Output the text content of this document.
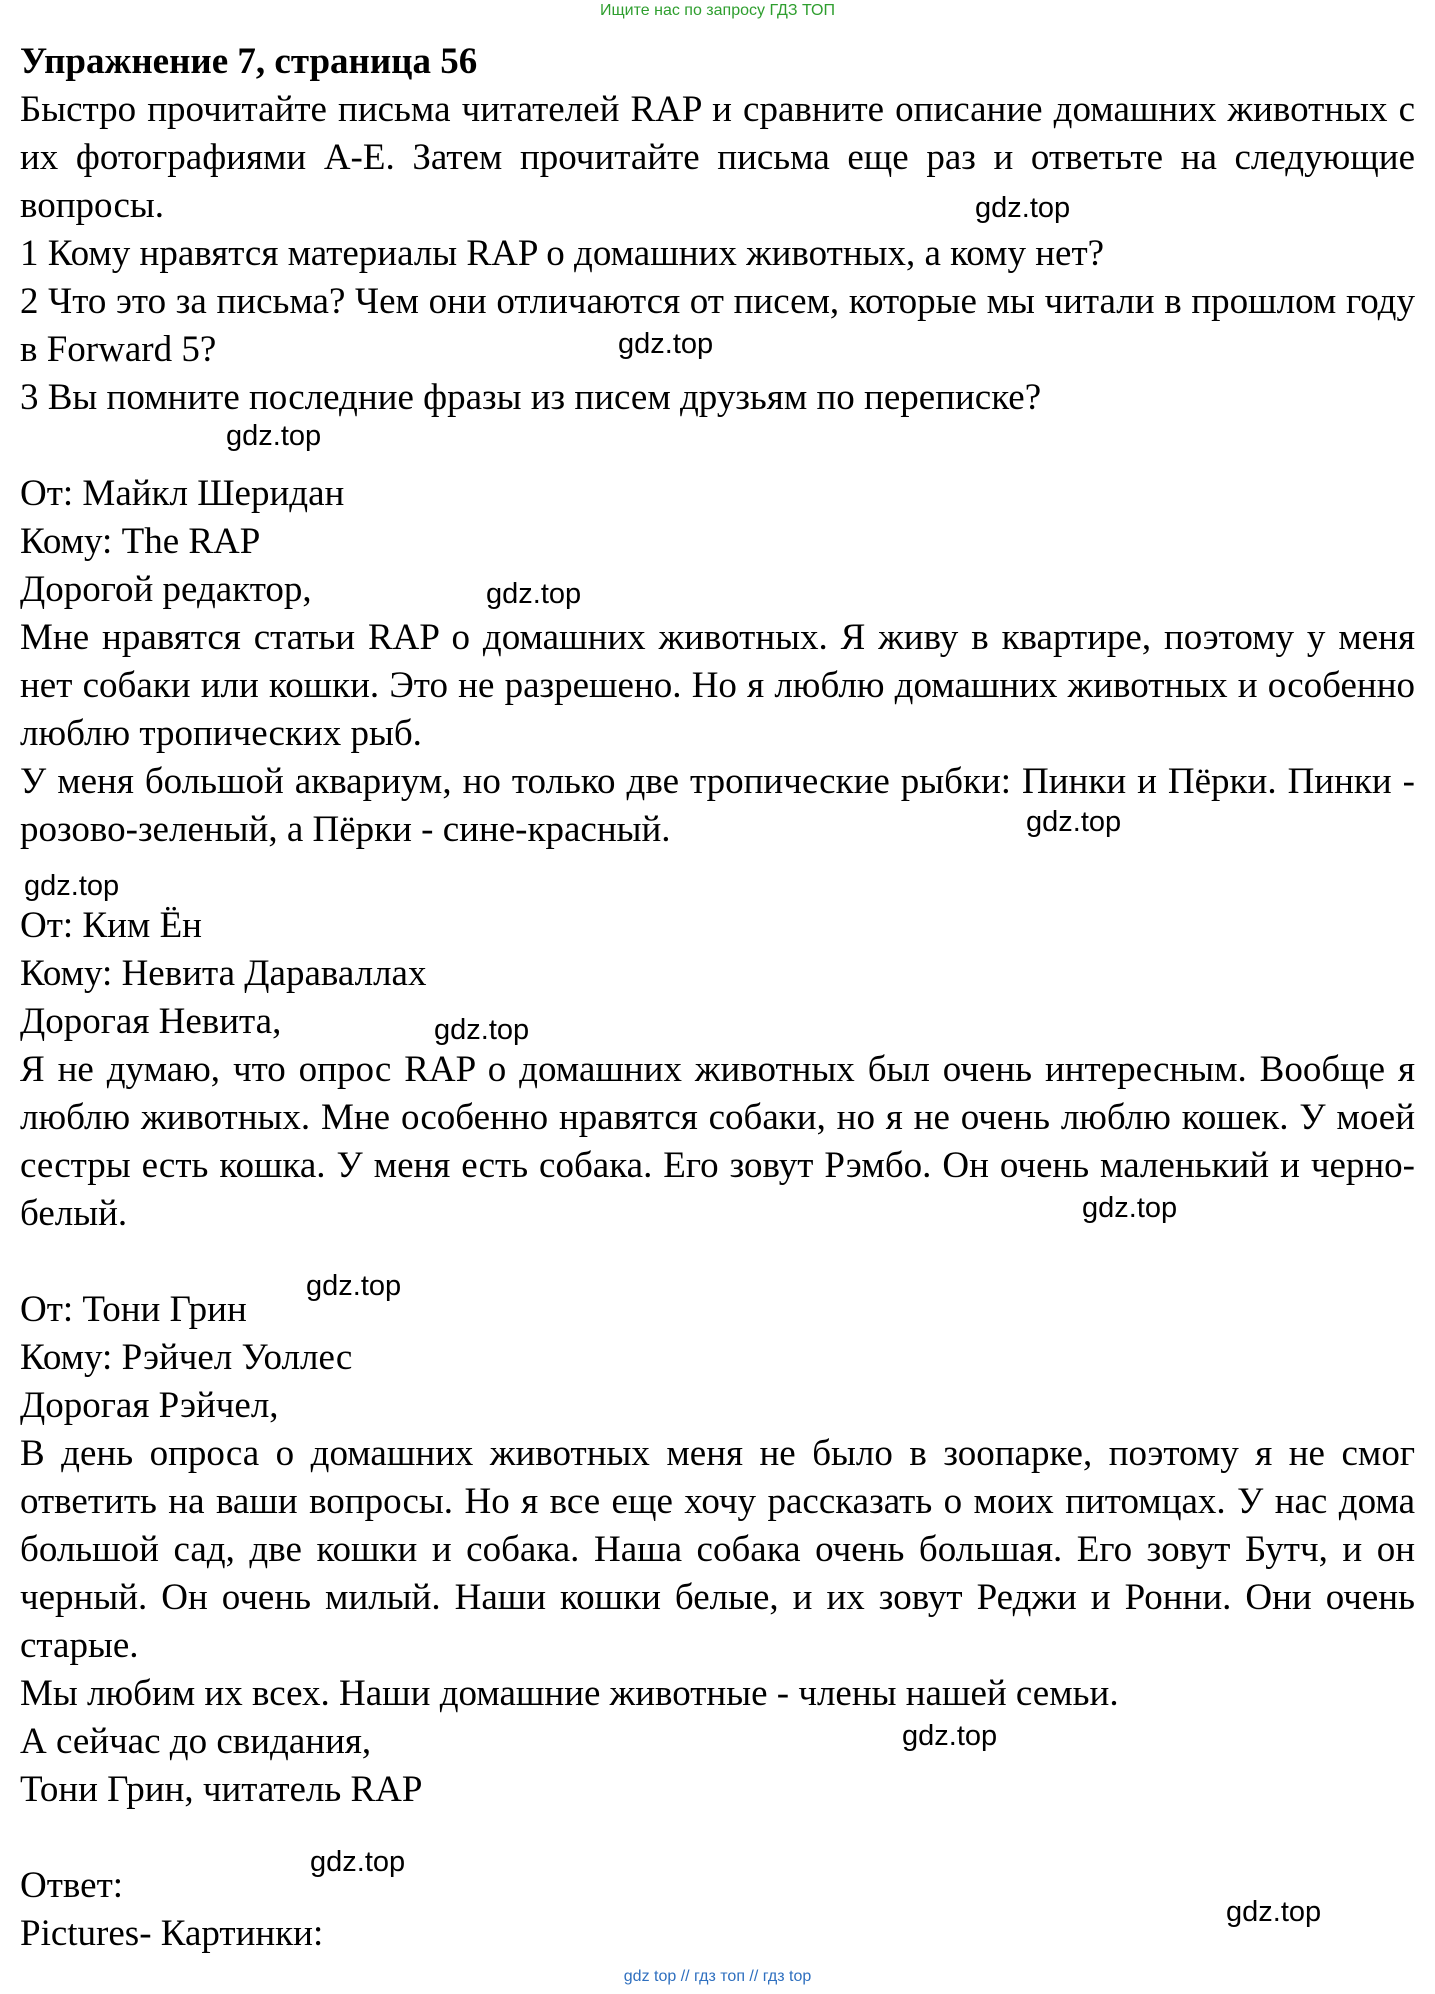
Ищите нас по запросу ГДЗ ТОП

Упражнение 7, страница 56

Быстро прочитайте письма читателей RAP и сравните описание домашних животных с их фотографиями A-E. Затем прочитайте письма еще раз и ответьте на следующие вопросы.

1 Кому нравятся материалы RAP о домашних животных, а кому нет?

2 Что это за письма? Чем они отличаются от писем, которые мы читали в прошлом году в Forward 5?

3 Вы помните последние фразы из писем друзьям по переписке?

От: Майкл Шеридан

Кому: The RAP

Дорогой редактор,

Мне нравятся статьи RAP о домашних животных. Я живу в квартире, поэтому у меня нет собаки или кошки. Это не разрешено. Но я люблю домашних животных и особенно люблю тропических рыб.

У меня большой аквариум, но только две тропические рыбки: Пинки и Пёрки. Пинки - розово-зеленый, а Пёрки - сине-красный.

От: Ким Ён

Кому: Невита Дараваллах

Дорогая Невита,

Я не думаю, что опрос RAP о домашних животных был очень интересным. Вообще я люблю животных. Мне особенно нравятся собаки, но я не очень люблю кошек. У моей сестры есть кошка. У меня есть собака. Его зовут Рэмбо. Он очень маленький и черно-белый.

От: Тони Грин

Кому: Рэйчел Уоллес

Дорогая Рэйчел,

В день опроса о домашних животных меня не было в зоопарке, поэтому я не смог ответить на ваши вопросы. Но я все еще хочу рассказать о моих питомцах. У нас дома большой сад, две кошки и собака. Наша собака очень большая. Его зовут Бутч, и он черный. Он очень милый. Наши кошки белые, и их зовут Реджи и Ронни. Они очень старые.

Мы любим их всех. Наши домашние животные - члены нашей семьи.

А сейчас до свидания,

Тони Грин, читатель RAP

Ответ:

Pictures- Картинки:

gdz.top
gdz.top
gdz.top
gdz.top
gdz.top
gdz.top
gdz.top
gdz.top
gdz.top
gdz.top
gdz.top
gdz.top
gdz top // гдз топ // гдз top
